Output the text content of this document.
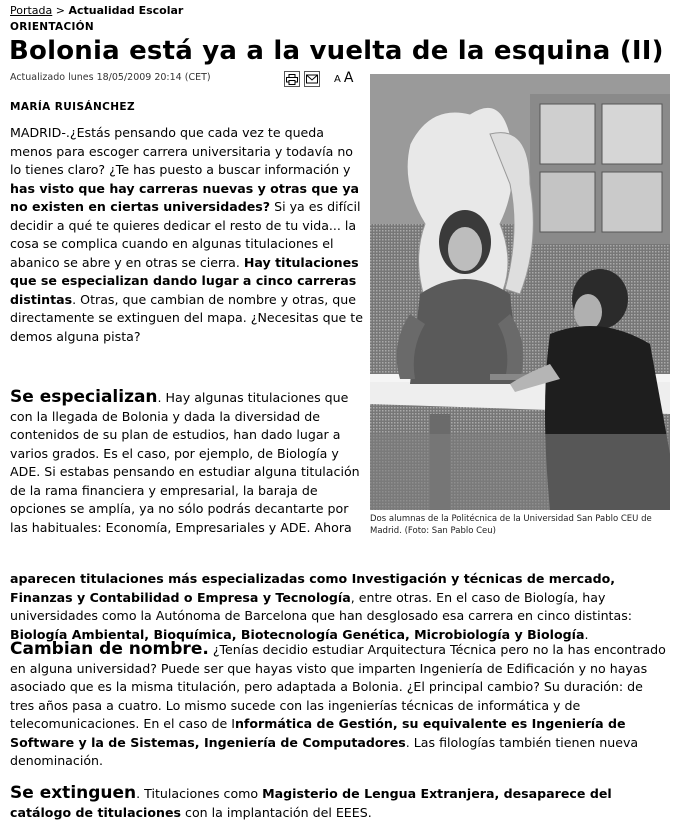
Portada > Actualidad Escolar
ORIENTACIÓN
Bolonia está ya a la vuelta de la esquina (II)
Actualizado lunes 18/05/2009 20:14 (CET)	A A
MARÍA RUISÁNCHEZ

MADRID-.¿Estás pensando que cada vez te queda menos para escoger carrera universitaria y todavía no lo tienes claro? ¿Te has puesto a buscar información y has visto que hay carreras nuevas y otras que ya no existen en ciertas universidades? Si ya es difícil decidir a qué te quieres dedicar el resto de tu vida... la cosa se complica cuando en algunas titulaciones el abanico se abre y en otras se cierra. Hay titulaciones que se especializan dando lugar a cinco carreras distintas. Otras, que cambian de nombre y otras, que directamente se extinguen del mapa. ¿Necesitas que te demos alguna pista?

Se especializan. Hay algunas titulaciones que con la llegada de Bolonia y dada la diversidad de contenidos de su plan de estudios, han dado lugar a varios grados. Es el caso, por ejemplo, de Biología y ADE. Si estabas pensando en estudiar alguna titulación de la rama financiera y empresarial, la baraja de opciones se amplía, ya no sólo podrás decantarte por las habituales: Economía, Empresariales y ADE. Ahora

Dos alumnas de la Politécnica de la Universidad San Pablo CEU de Madrid. (Foto: San Pablo Ceu)

aparecen titulaciones más especializadas como Investigación y técnicas de mercado, Finanzas y Contabilidad o Empresa y Tecnología, entre otras. En el caso de Biología, hay universidades como la Autónoma de Barcelona que han desglosado esa carrera en cinco distintas: Biología Ambiental, Bioquímica, Biotecnología Genética, Microbiología y Biología.

Cambian de nombre. ¿Tenías decidio estudiar Arquitectura Técnica pero no la has encontrado en alguna universidad? Puede ser que hayas visto que imparten Ingeniería de Edificación y no hayas asociado que es la misma titulación, pero adaptada a Bolonia. ¿El principal cambio? Su duración: de tres años pasa a cuatro. Lo mismo sucede con las ingenierías técnicas de informática y de telecomunicaciones. En el caso de Informática de Gestión, su equivalente es Ingeniería de Software y la de Sistemas, Ingeniería de Computadores. Las filologías también tienen nueva denominación.

Se extinguen. Titulaciones como Magisterio de Lengua Extranjera, desaparece del catálogo de titulaciones con la implantación del EEES.
